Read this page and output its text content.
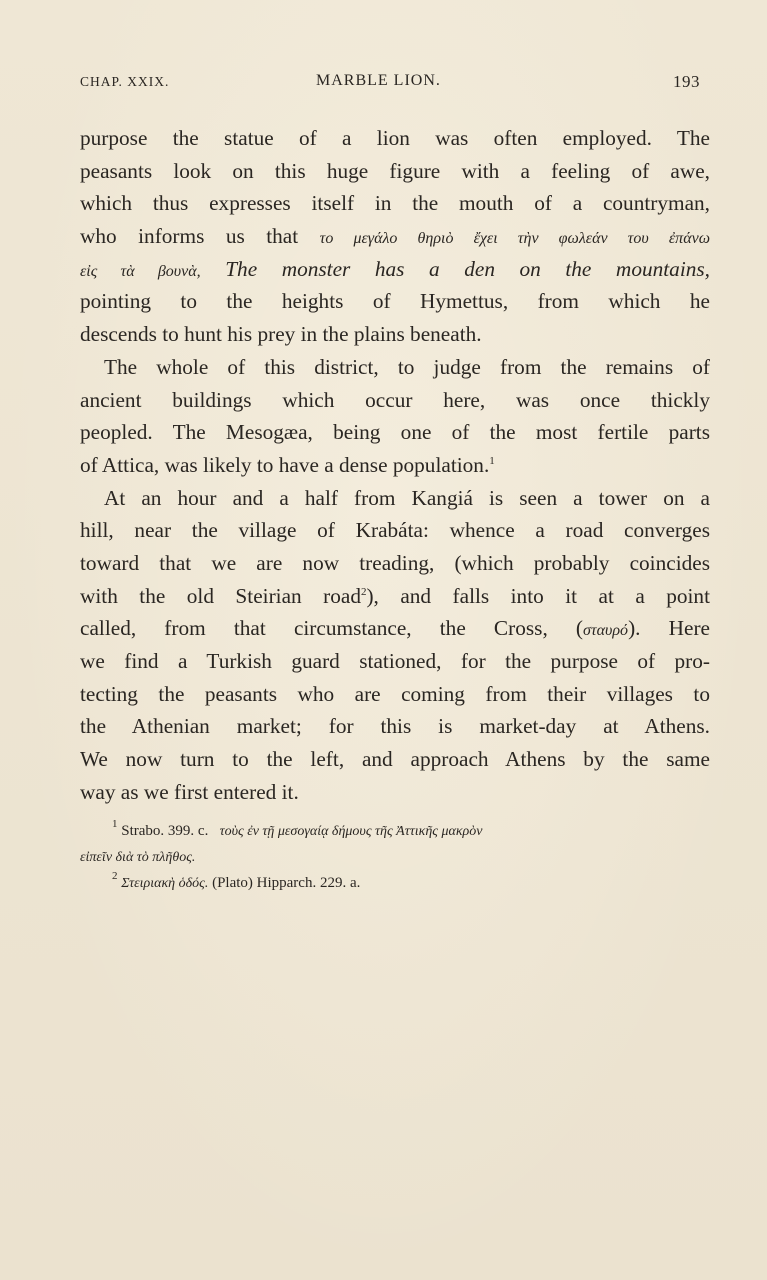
CHAP. XXIX.	MARBLE LION.	193
purpose the statue of a lion was often employed. The
peasants look on this huge figure with a feeling of awe,
which thus expresses itself in the mouth of a countryman,
who informs us that το μεγάλο θηριὸ ἔχει τὴν φωλεάν του ἐπάνω
εἰς τὰ βουνὰ, The monster has a den on the mountains,
pointing to the heights of Hymettus, from which he
descends to hunt his prey in the plains beneath.
The whole of this district, to judge from the remains of
ancient buildings which occur here, was once thickly
peopled. The Mesogæa, being one of the most fertile parts
of Attica, was likely to have a dense population.$^1$
At an hour and a half from Kangiá is seen a tower on a
hill, near the village of Krabáta: whence a road converges
toward that we are now treading, (which probably coincides
with the old Steirian road$^2$), and falls into it at a point
called, from that circumstance, the Cross, (σταυρό). Here
we find a Turkish guard stationed, for the purpose of pro-
tecting the peasants who are coming from their villages to
the Athenian market; for this is market-day at Athens.
We now turn to the left, and approach Athens by the same
way as we first entered it.
$^1$ Strabo. 399. c. τοὺς ἐν τῇ μεσογαίᾳ δήμους τῆς Ἀττικῆς μακρὸν
εἰπεῖν διὰ τὸ πλῆθος.
$^2$ Στειριακὴ ὁδός. (Plato) Hipparch. 229. a.
